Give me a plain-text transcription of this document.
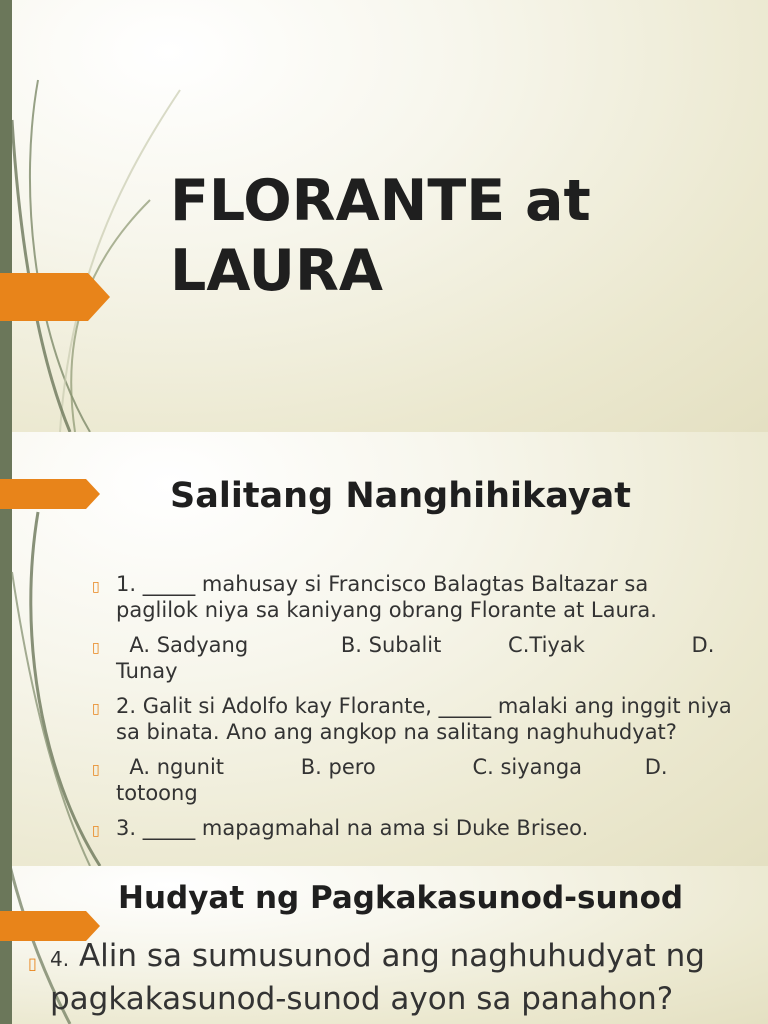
FLORANTE at LAURA
Salitang Nanghihikayat
▯ 1. _____ mahusay si Francisco Balagtas Baltazar sa paglilok niya sa kaniyang obrang Florante at Laura.
▯ A. Sadyang	B. Subalit	C.Tiyak	D. Tunay
▯ 2. Galit si Adolfo kay Florante, _____ malaki ang inggit niya sa binata. Ano ang angkop na salitang naghuhudyat?
▯ A. ngunit	B. pero	C. siyanga	D. totoong
▯ 3. _____ mapagmahal na ama si Duke Briseo.
Hudyat ng Pagkakasunod-sunod

▯ 4. Alin sa sumusunod ang naghuhudyat ng pagkakasunod-sunod ayon sa panahon?
